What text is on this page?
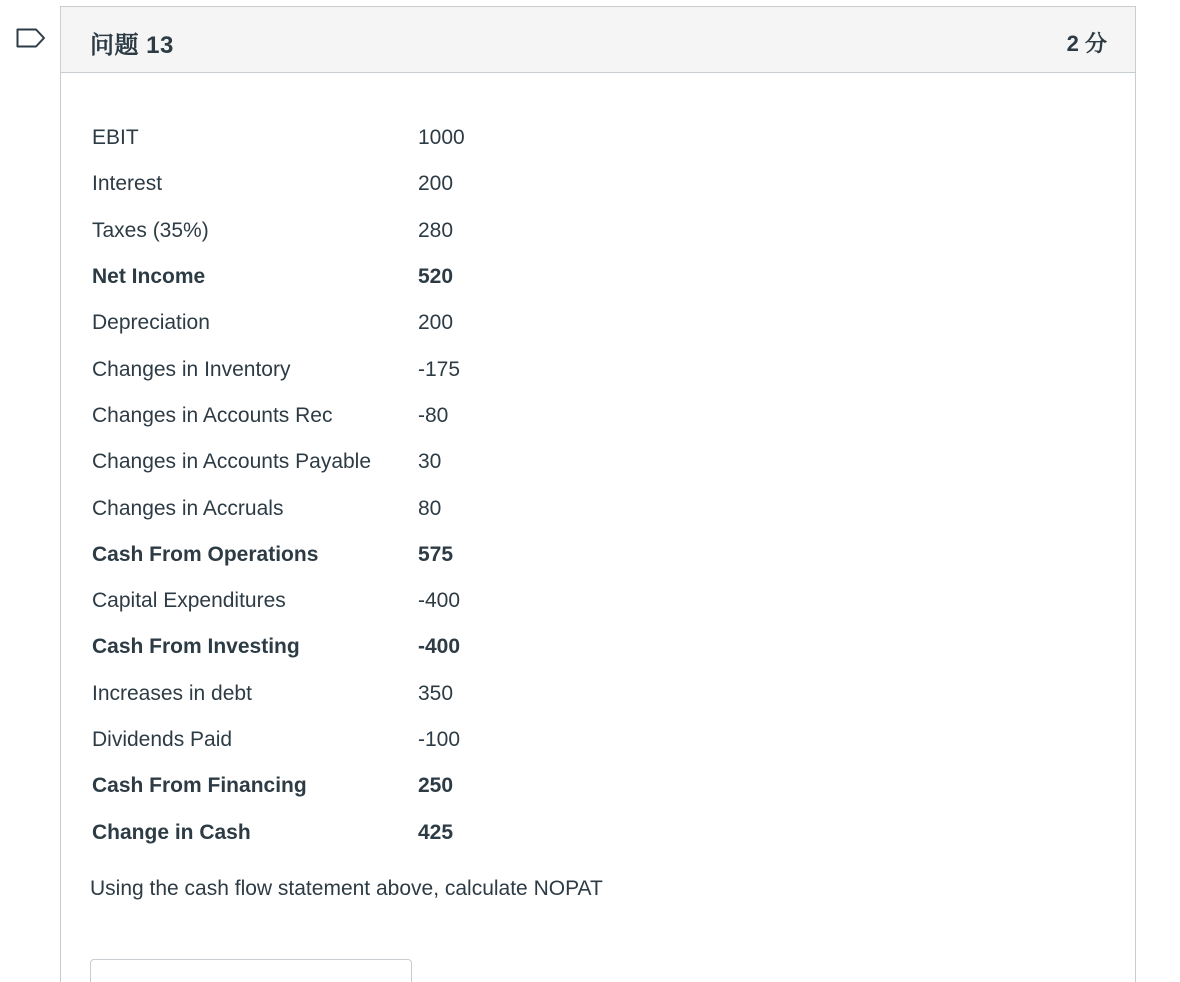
问题 13	2 分
EBIT	1000
Interest	200
Taxes (35%)	280
Net Income	520
Depreciation	200
Changes in Inventory	-175
Changes in Accounts Rec	-80
Changes in Accounts Payable	30
Changes in Accruals	80
Cash From Operations	575
Capital Expenditures	-400
Cash From Investing	-400
Increases in debt	350
Dividends Paid	-100
Cash From Financing	250
Change in Cash	425
Using the cash flow statement above, calculate NOPAT
